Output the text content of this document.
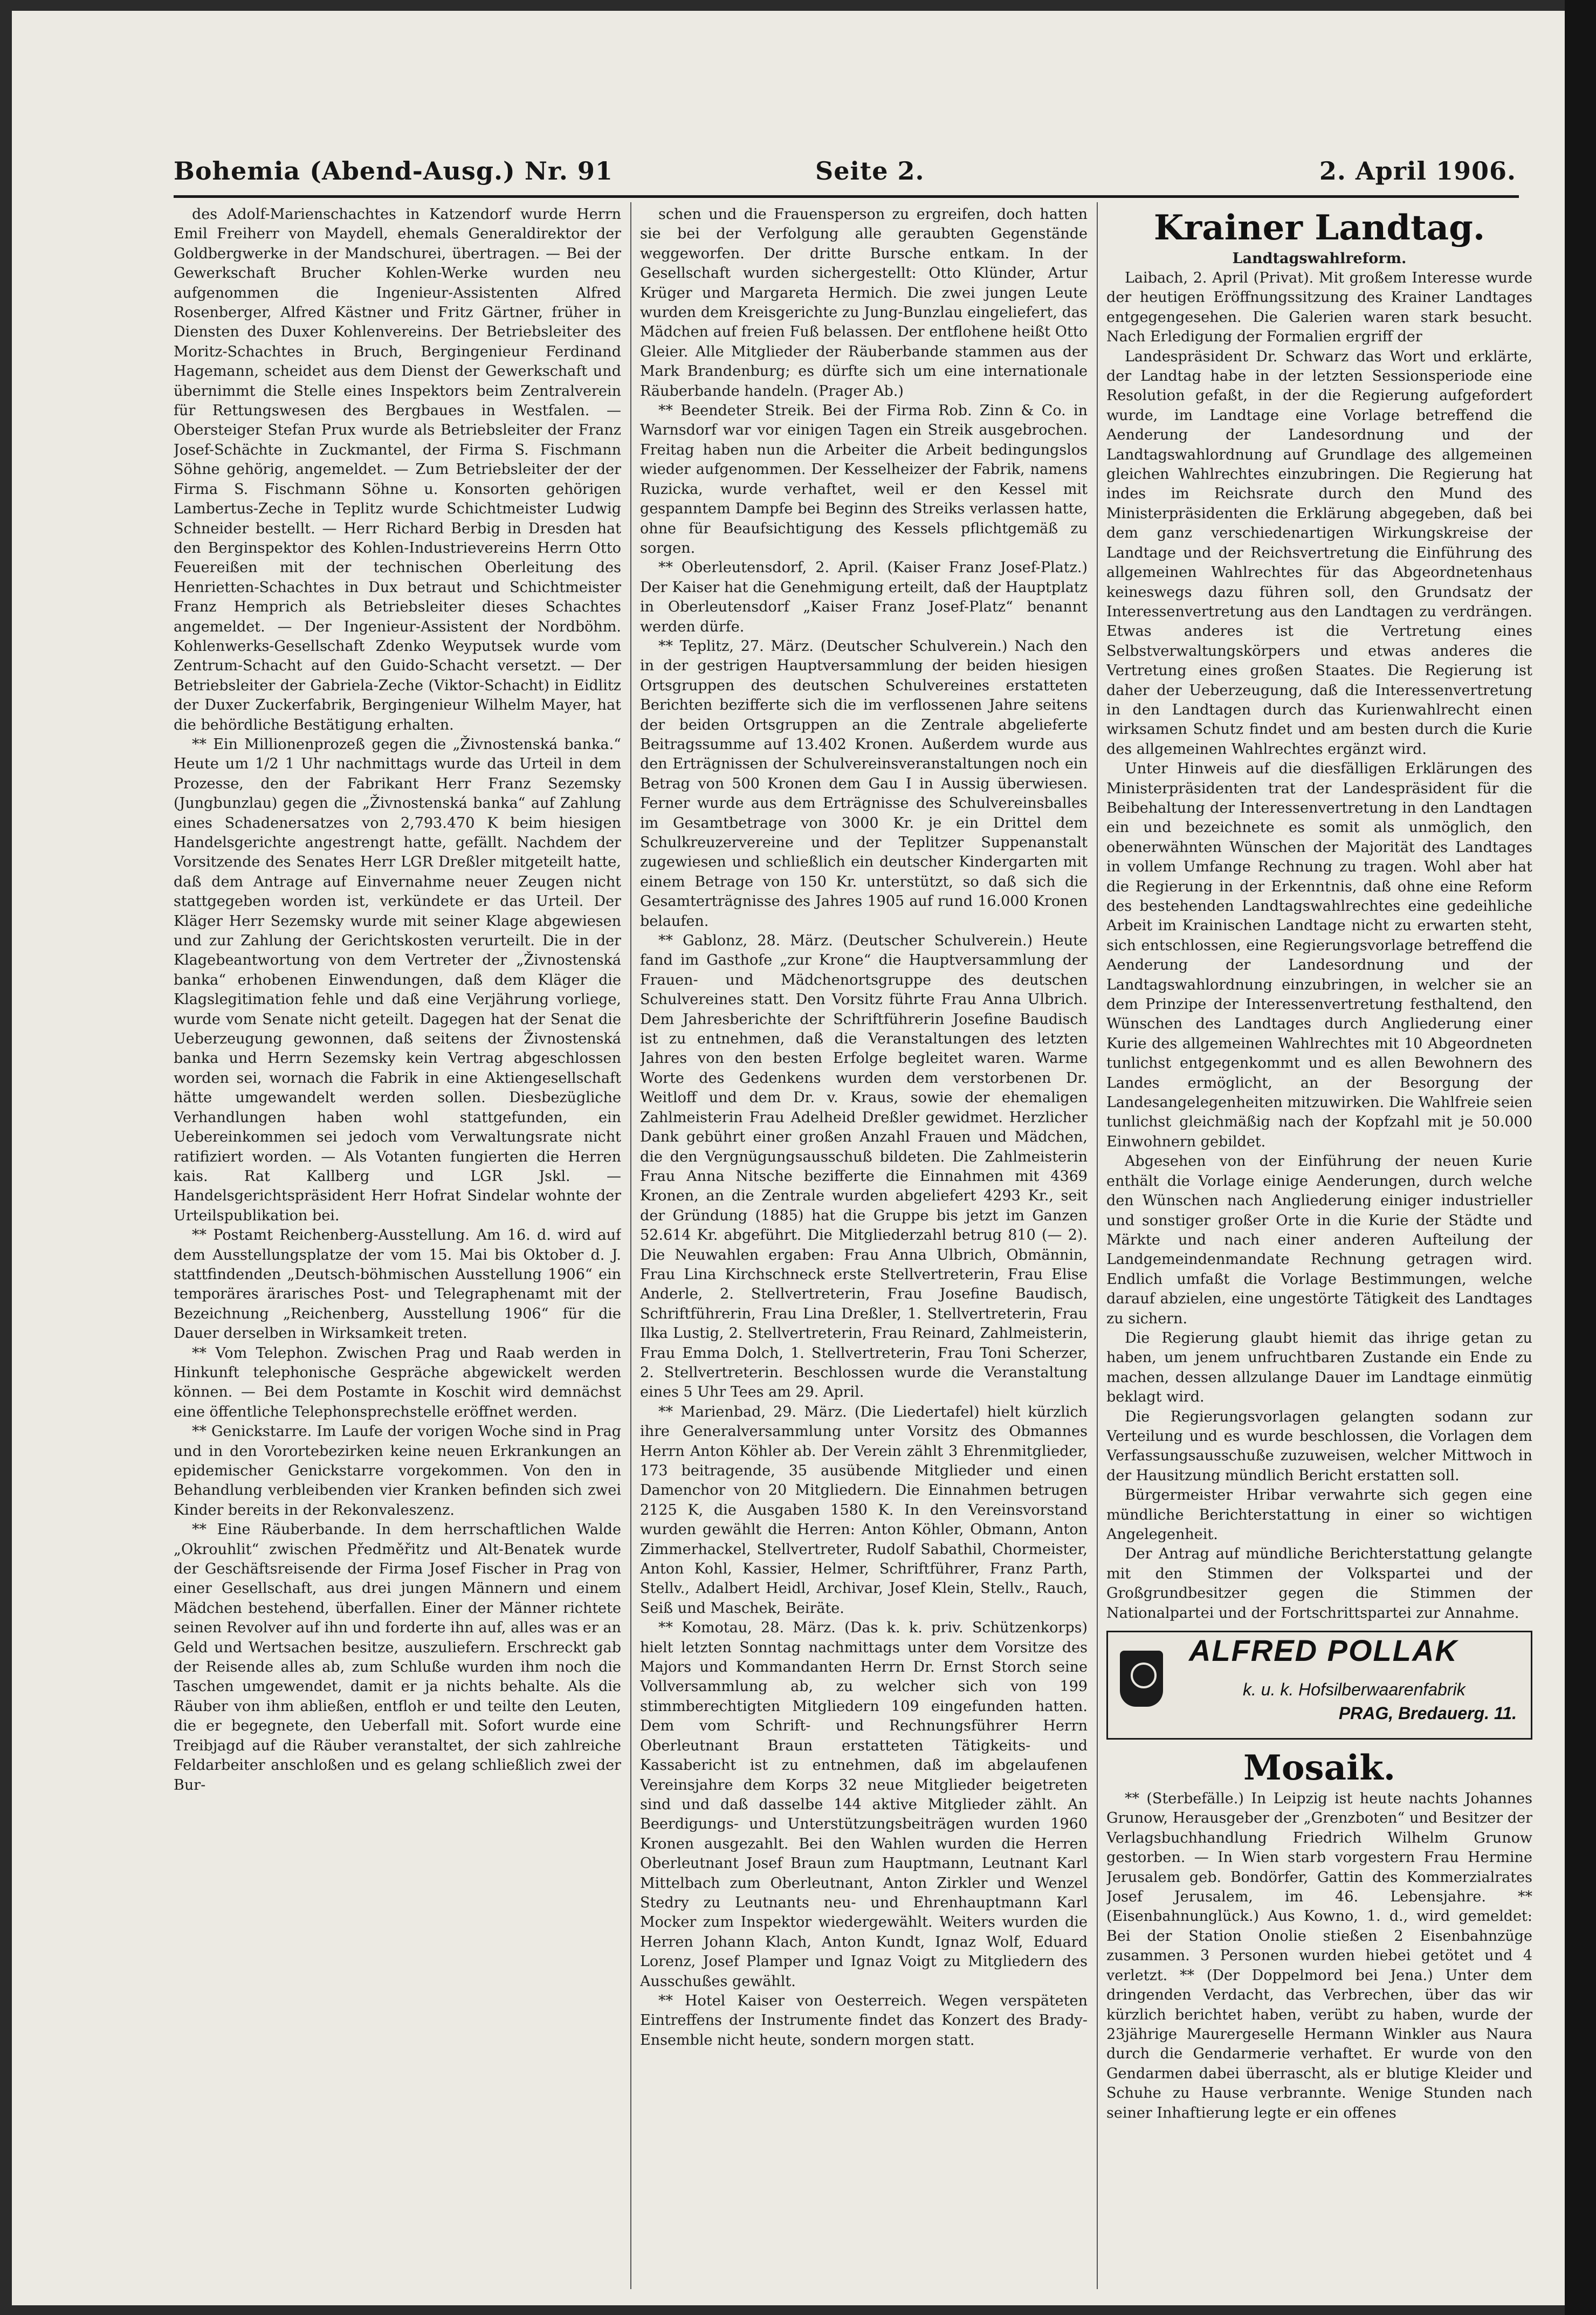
Bohemia (Abend-Ausg.) Nr. 91	Seite 2.	2. April 1906.

des Adolf-Marienschachtes in Katzendorf wurde Herrn Emil Freiherr von Maydell, ehemals Generaldirektor der Goldbergwerke in der Mandschurei, übertragen. — Bei der Gewerkschaft Brucher Kohlen-Werke wurden neu aufgenommen die Ingenieur-Assistenten Alfred Rosenberger, Alfred Kästner und Fritz Gärtner, früher in Diensten des Duxer Kohlenvereins. Der Betriebsleiter des Moritz-Schachtes in Bruch, Bergingenieur Ferdinand Hagemann, scheidet aus dem Dienst der Gewerkschaft und übernimmt die Stelle eines Inspektors beim Zentralverein für Rettungswesen des Bergbaues in Westfalen. — Obersteiger Stefan Prux wurde als Betriebsleiter der Franz Josef-Schächte in Zuckmantel, der Firma S. Fischmann Söhne gehörig, angemeldet. — Zum Betriebsleiter der der Firma S. Fischmann Söhne u. Konsorten gehörigen Lambertus-Zeche in Teplitz wurde Schichtmeister Ludwig Schneider bestellt. — Herr Richard Berbig in Dresden hat den Berginspektor des Kohlen-Industrievereins Herrn Otto Feuereißen mit der technischen Oberleitung des Henrietten-Schachtes in Dux betraut und Schichtmeister Franz Hemprich als Betriebsleiter dieses Schachtes angemeldet. — Der Ingenieur-Assistent der Nordböhm. Kohlenwerks-Gesellschaft Zdenko Weyputsek wurde vom Zentrum-Schacht auf den Guido-Schacht versetzt. — Der Betriebsleiter der Gabriela-Zeche (Viktor-Schacht) in Eidlitz der Duxer Zuckerfabrik, Bergingenieur Wilhelm Mayer, hat die behördliche Bestätigung erhalten.

** Ein Millionenprozeß gegen die „Živnostenská banka.“ Heute um 1/2 1 Uhr nachmittags wurde das Urteil in dem Prozesse, den der Fabrikant Herr Franz Sezemsky (Jungbunzlau) gegen die „Živnostenská banka“ auf Zahlung eines Schadenersatzes von 2,793.470 K beim hiesigen Handelsgerichte angestrengt hatte, gefällt. Nachdem der Vorsitzende des Senates Herr LGR Dreßler mitgeteilt hatte, daß dem Antrage auf Einvernahme neuer Zeugen nicht stattgegeben worden ist, verkündete er das Urteil. Der Kläger Herr Sezemsky wurde mit seiner Klage abgewiesen und zur Zahlung der Gerichtskosten verurteilt. Die in der Klagebeantwortung von dem Vertreter der „Živnostenská banka“ erhobenen Einwendungen, daß dem Kläger die Klagslegitimation fehle und daß eine Verjährung vorliege, wurde vom Senate nicht geteilt. Dagegen hat der Senat die Ueberzeugung gewonnen, daß seitens der Živnostenská banka und Herrn Sezemsky kein Vertrag abgeschlossen worden sei, wornach die Fabrik in eine Aktiengesellschaft hätte umgewandelt werden sollen. Diesbezügliche Verhandlungen haben wohl stattgefunden, ein Uebereinkommen sei jedoch vom Verwaltungsrate nicht ratifiziert worden. — Als Votanten fungierten die Herren kais. Rat Kallberg und LGR Jskl. — Handelsgerichtspräsident Herr Hofrat Sindelar wohnte der Urteilspublikation bei.

** Postamt Reichenberg-Ausstellung. Am 16. d. wird auf dem Ausstellungsplatze der vom 15. Mai bis Oktober d. J. stattfindenden „Deutsch-böhmischen Ausstellung 1906“ ein temporäres ärarisches Post- und Telegraphenamt mit der Bezeichnung „Reichenberg, Ausstellung 1906“ für die Dauer derselben in Wirksamkeit treten.

** Vom Telephon. Zwischen Prag und Raab werden in Hinkunft telephonische Gespräche abgewickelt werden können. — Bei dem Postamte in Koschit wird demnächst eine öffentliche Telephonsprechstelle eröffnet werden.

** Genickstarre. Im Laufe der vorigen Woche sind in Prag und in den Vorortebezirken keine neuen Erkrankungen an epidemischer Genickstarre vorgekommen. Von den in Behandlung verbleibenden vier Kranken befinden sich zwei Kinder bereits in der Rekonvaleszenz.

** Eine Räuberbande. In dem herrschaftlichen Walde „Okrouhlit“ zwischen Předměřitz und Alt-Benatek wurde der Geschäftsreisende der Firma Josef Fischer in Prag von einer Gesellschaft, aus drei jungen Männern und einem Mädchen bestehend, überfallen. Einer der Männer richtete seinen Revolver auf ihn und forderte ihn auf, alles was er an Geld und Wertsachen besitze, auszuliefern. Erschreckt gab der Reisende alles ab, zum Schluße wurden ihm noch die Taschen umgewendet, damit er ja nichts behalte. Als die Räuber von ihm abließen, entfloh er und teilte den Leuten, die er begegnete, den Ueberfall mit. Sofort wurde eine Treibjagd auf die Räuber veranstaltet, der sich zahlreiche Feldarbeiter anschloßen und es gelang schließlich zwei der Bur-

schen und die Frauensperson zu ergreifen, doch hatten sie bei der Verfolgung alle geraubten Gegenstände weggeworfen. Der dritte Bursche entkam. In der Gesellschaft wurden sichergestellt: Otto Klünder, Artur Krüger und Margareta Hermich. Die zwei jungen Leute wurden dem Kreisgerichte zu Jung-Bunzlau eingeliefert, das Mädchen auf freien Fuß belassen. Der entflohene heißt Otto Gleier. Alle Mitglieder der Räuberbande stammen aus der Mark Brandenburg; es dürfte sich um eine internationale Räuberbande handeln. (Prager Ab.)

** Beendeter Streik. Bei der Firma Rob. Zinn & Co. in Warnsdorf war vor einigen Tagen ein Streik ausgebrochen. Freitag haben nun die Arbeiter die Arbeit bedingungslos wieder aufgenommen. Der Kesselheizer der Fabrik, namens Ruzicka, wurde verhaftet, weil er den Kessel mit gespanntem Dampfe bei Beginn des Streiks verlassen hatte, ohne für Beaufsichtigung des Kessels pflichtgemäß zu sorgen.

** Oberleutensdorf, 2. April. (Kaiser Franz Josef-Platz.) Der Kaiser hat die Genehmigung erteilt, daß der Hauptplatz in Oberleutensdorf „Kaiser Franz Josef-Platz“ benannt werden dürfe.

** Teplitz, 27. März. (Deutscher Schulverein.) Nach den in der gestrigen Hauptversammlung der beiden hiesigen Ortsgruppen des deutschen Schulvereines erstatteten Berichten bezifferte sich die im verflossenen Jahre seitens der beiden Ortsgruppen an die Zentrale abgelieferte Beitragssumme auf 13.402 Kronen. Außerdem wurde aus den Erträgnissen der Schulvereinsveranstaltungen noch ein Betrag von 500 Kronen dem Gau I in Aussig überwiesen. Ferner wurde aus dem Erträgnisse des Schulvereinsballes im Gesamtbetrage von 3000 Kr. je ein Drittel dem Schulkreuzervereine und der Teplitzer Suppenanstalt zugewiesen und schließlich ein deutscher Kindergarten mit einem Betrage von 150 Kr. unterstützt, so daß sich die Gesamterträgnisse des Jahres 1905 auf rund 16.000 Kronen belaufen.

** Gablonz, 28. März. (Deutscher Schulverein.) Heute fand im Gasthofe „zur Krone“ die Hauptversammlung der Frauen- und Mädchenortsgruppe des deutschen Schulvereines statt. Den Vorsitz führte Frau Anna Ulbrich. Dem Jahresberichte der Schriftführerin Josefine Baudisch ist zu entnehmen, daß die Veranstaltungen des letzten Jahres von den besten Erfolge begleitet waren. Warme Worte des Gedenkens wurden dem verstorbenen Dr. Weitloff und dem Dr. v. Kraus, sowie der ehemaligen Zahlmeisterin Frau Adelheid Dreßler gewidmet. Herzlicher Dank gebührt einer großen Anzahl Frauen und Mädchen, die den Vergnügungsausschuß bildeten. Die Zahlmeisterin Frau Anna Nitsche bezifferte die Einnahmen mit 4369 Kronen, an die Zentrale wurden abgeliefert 4293 Kr., seit der Gründung (1885) hat die Gruppe bis jetzt im Ganzen 52.614 Kr. abgeführt. Die Mitgliederzahl betrug 810 (— 2). Die Neuwahlen ergaben: Frau Anna Ulbrich, Obmännin, Frau Lina Kirchschneck erste Stellvertreterin, Frau Elise Anderle, 2. Stellvertreterin, Frau Josefine Baudisch, Schriftführerin, Frau Lina Dreßler, 1. Stellvertreterin, Frau Ilka Lustig, 2. Stellvertreterin, Frau Reinard, Zahlmeisterin, Frau Emma Dolch, 1. Stellvertreterin, Frau Toni Scherzer, 2. Stellvertreterin. Beschlossen wurde die Veranstaltung eines 5 Uhr Tees am 29. April.

** Marienbad, 29. März. (Die Liedertafel) hielt kürzlich ihre Generalversammlung unter Vorsitz des Obmannes Herrn Anton Köhler ab. Der Verein zählt 3 Ehrenmitglieder, 173 beitragende, 35 ausübende Mitglieder und einen Damenchor von 20 Mitgliedern. Die Einnahmen betrugen 2125 K, die Ausgaben 1580 K. In den Vereinsvorstand wurden gewählt die Herren: Anton Köhler, Obmann, Anton Zimmerhackel, Stellvertreter, Rudolf Sabathil, Chormeister, Anton Kohl, Kassier, Helmer, Schriftführer, Franz Parth, Stellv., Adalbert Heidl, Archivar, Josef Klein, Stellv., Rauch, Seiß und Maschek, Beiräte.

** Komotau, 28. März. (Das k. k. priv. Schützenkorps) hielt letzten Sonntag nachmittags unter dem Vorsitze des Majors und Kommandanten Herrn Dr. Ernst Storch seine Vollversammlung ab, zu welcher sich von 199 stimmberechtigten Mitgliedern 109 eingefunden hatten. Dem vom Schrift- und Rechnungsführer Herrn Oberleutnant Braun erstatteten Tätigkeits- und Kassabericht ist zu entnehmen, daß im abgelaufenen Vereinsjahre dem Korps 32 neue Mitglieder beigetreten sind und daß dasselbe 144 aktive Mitglieder zählt. An Beerdigungs- und Unterstützungsbeiträgen wurden 1960 Kronen ausgezahlt. Bei den Wahlen wurden die Herren Oberleutnant Josef Braun zum Hauptmann, Leutnant Karl Mittelbach zum Oberleutnant, Anton Zirkler und Wenzel Stedry zu Leutnants neu- und Ehrenhauptmann Karl Mocker zum Inspektor wiedergewählt. Weiters wurden die Herren Johann Klach, Anton Kundt, Ignaz Wolf, Eduard Lorenz, Josef Plamper und Ignaz Voigt zu Mitgliedern des Ausschußes gewählt.

** Hotel Kaiser von Oesterreich. Wegen verspäteten Eintreffens der Instrumente findet das Konzert des Brady-Ensemble nicht heute, sondern morgen statt.

Krainer Landtag.
Landtagswahlreform.

Laibach, 2. April (Privat). Mit großem Interesse wurde der heutigen Eröffnungssitzung des Krainer Landtages entgegengesehen. Die Galerien waren stark besucht. Nach Erledigung der Formalien ergriff der

Landespräsident Dr. Schwarz das Wort und erklärte, der Landtag habe in der letzten Sessionsperiode eine Resolution gefaßt, in der die Regierung aufgefordert wurde, im Landtage eine Vorlage betreffend die Aenderung der Landesordnung und der Landtagswahlordnung auf Grundlage des allgemeinen gleichen Wahlrechtes einzubringen. Die Regierung hat indes im Reichsrate durch den Mund des Ministerpräsidenten die Erklärung abgegeben, daß bei dem ganz verschiedenartigen Wirkungskreise der Landtage und der Reichsvertretung die Einführung des allgemeinen Wahlrechtes für das Abgeordnetenhaus keineswegs dazu führen soll, den Grundsatz der Interessenvertretung aus den Landtagen zu verdrängen. Etwas anderes ist die Vertretung eines Selbstverwaltungskörpers und etwas anderes die Vertretung eines großen Staates. Die Regierung ist daher der Ueberzeugung, daß die Interessenvertretung in den Landtagen durch das Kurienwahlrecht einen wirksamen Schutz findet und am besten durch die Kurie des allgemeinen Wahlrechtes ergänzt wird.

Unter Hinweis auf die diesfälligen Erklärungen des Ministerpräsidenten trat der Landespräsident für die Beibehaltung der Interessenvertretung in den Landtagen ein und bezeichnete es somit als unmöglich, den obenerwähnten Wünschen der Majorität des Landtages in vollem Umfange Rechnung zu tragen. Wohl aber hat die Regierung in der Erkenntnis, daß ohne eine Reform des bestehenden Landtagswahlrechtes eine gedeihliche Arbeit im Krainischen Landtage nicht zu erwarten steht, sich entschlossen, eine Regierungsvorlage betreffend die Aenderung der Landesordnung und der Landtagswahlordnung einzubringen, in welcher sie an dem Prinzipe der Interessenvertretung festhaltend, den Wünschen des Landtages durch Angliederung einer Kurie des allgemeinen Wahlrechtes mit 10 Abgeordneten tunlichst entgegenkommt und es allen Bewohnern des Landes ermöglicht, an der Besorgung der Landesangelegenheiten mitzuwirken. Die Wahlfreie seien tunlichst gleichmäßig nach der Kopfzahl mit je 50.000 Einwohnern gebildet.

Abgesehen von der Einführung der neuen Kurie enthält die Vorlage einige Aenderungen, durch welche den Wünschen nach Angliederung einiger industrieller und sonstiger großer Orte in die Kurie der Städte und Märkte und nach einer anderen Aufteilung der Landgemeindenmandate Rechnung getragen wird. Endlich umfaßt die Vorlage Bestimmungen, welche darauf abzielen, eine ungestörte Tätigkeit des Landtages zu sichern.

Die Regierung glaubt hiemit das ihrige getan zu haben, um jenem unfruchtbaren Zustande ein Ende zu machen, dessen allzulange Dauer im Landtage einmütig beklagt wird.

Die Regierungsvorlagen gelangten sodann zur Verteilung und es wurde beschlossen, die Vorlagen dem Verfassungsausschuße zuzuweisen, welcher Mittwoch in der Hausitzung mündlich Bericht erstatten soll.

Bürgermeister Hribar verwahrte sich gegen eine mündliche Berichterstattung in einer so wichtigen Angelegenheit.

Der Antrag auf mündliche Berichterstattung gelangte mit den Stimmen der Volkspartei und der Großgrundbesitzer gegen die Stimmen der Nationalpartei und der Fortschrittspartei zur Annahme.

ALFRED POLLAK
k. u. k. Hofsilberwaarenfabrik
PRAG, Bredauerg. 11.
Mosaik.

** (Sterbefälle.) In Leipzig ist heute nachts Johannes Grunow, Herausgeber der „Grenzboten“ und Besitzer der Verlagsbuchhandlung Friedrich Wilhelm Grunow gestorben. — In Wien starb vorgestern Frau Hermine Jerusalem geb. Bondörfer, Gattin des Kommerzialrates Josef Jerusalem, im 46. Lebensjahre. ** (Eisenbahnunglück.) Aus Kowno, 1. d., wird gemeldet: Bei der Station Onolie stießen 2 Eisenbahnzüge zusammen. 3 Personen wurden hiebei getötet und 4 verletzt. ** (Der Doppelmord bei Jena.) Unter dem dringenden Verdacht, das Verbrechen, über das wir kürzlich berichtet haben, verübt zu haben, wurde der 23jährige Maurergeselle Hermann Winkler aus Naura durch die Gendarmerie verhaftet. Er wurde von den Gendarmen dabei überrascht, als er blutige Kleider und Schuhe zu Hause verbrannte. Wenige Stunden nach seiner Inhaftierung legte er ein offenes
